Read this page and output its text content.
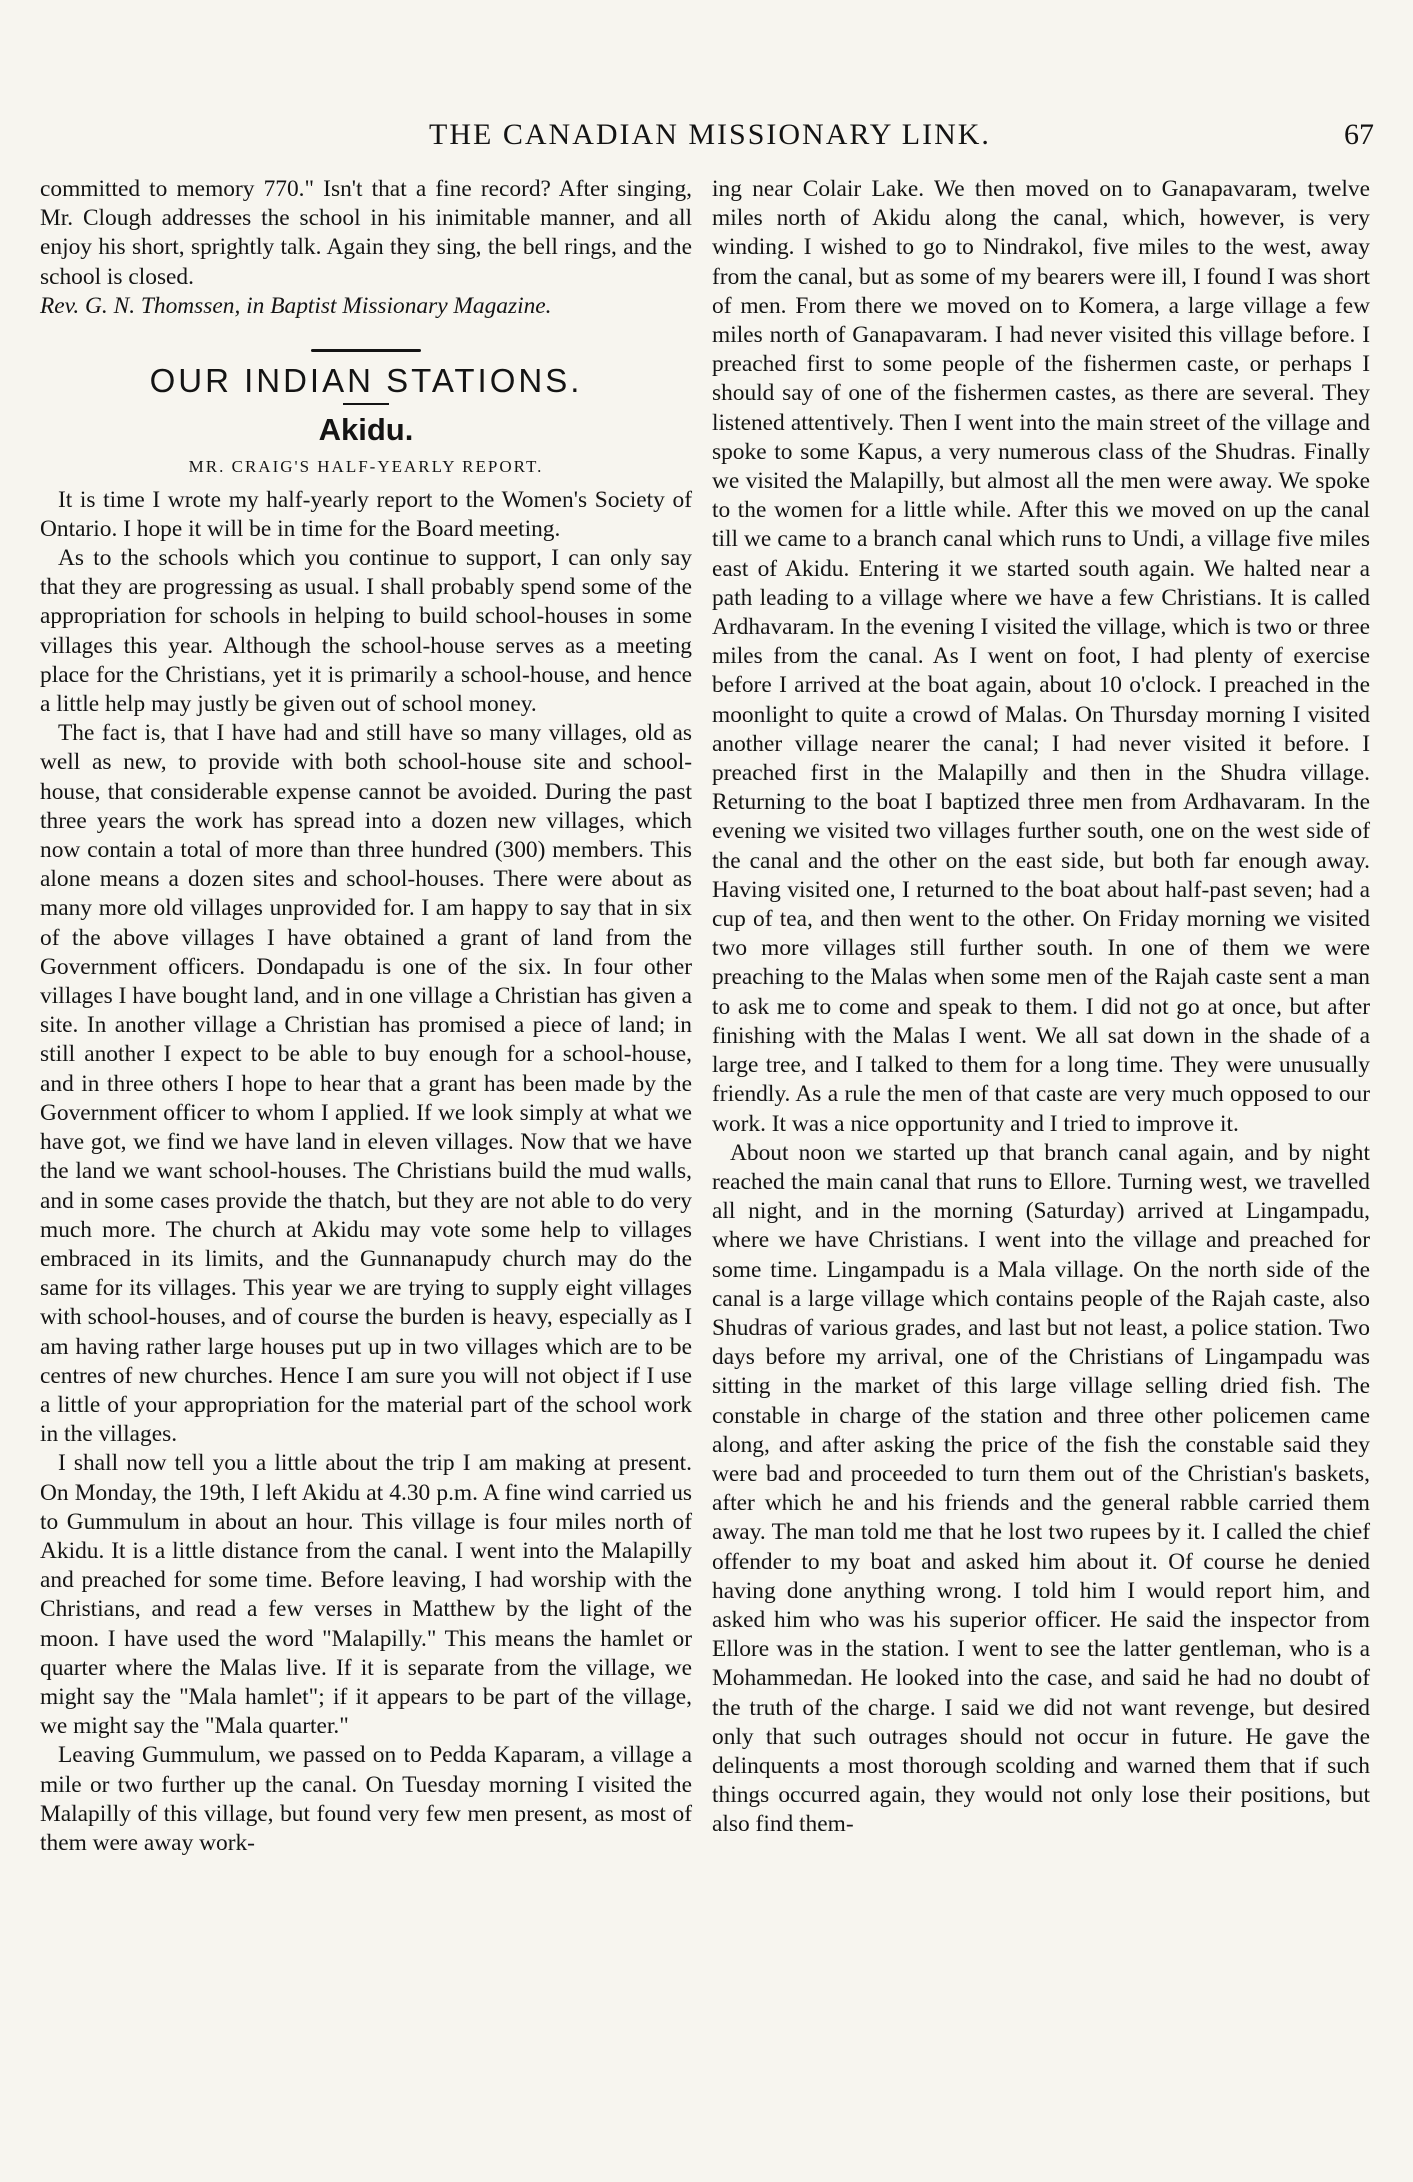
THE CANADIAN MISSIONARY LINK.	67

committed to memory 770." Isn't that a fine record? After singing, Mr. Clough addresses the school in his inimitable manner, and all enjoy his short, sprightly talk. Again they sing, the bell rings, and the school is closed.

Rev. G. N. Thomssen, in Baptist Missionary Magazine.

OUR INDIAN STATIONS.
Akidu.
MR. CRAIG'S HALF-YEARLY REPORT.

It is time I wrote my half-yearly report to the Women's Society of Ontario. I hope it will be in time for the Board meeting.

As to the schools which you continue to support, I can only say that they are progressing as usual. I shall probably spend some of the appropriation for schools in helping to build school-houses in some villages this year. Although the school-house serves as a meeting place for the Christians, yet it is primarily a school-house, and hence a little help may justly be given out of school money.

The fact is, that I have had and still have so many villages, old as well as new, to provide with both school-house site and school-house, that considerable expense cannot be avoided. During the past three years the work has spread into a dozen new villages, which now contain a total of more than three hundred (300) members. This alone means a dozen sites and school-houses. There were about as many more old villages unprovided for. I am happy to say that in six of the above villages I have obtained a grant of land from the Government officers. Dondapadu is one of the six. In four other villages I have bought land, and in one village a Christian has given a site. In another village a Christian has promised a piece of land; in still another I expect to be able to buy enough for a school-house, and in three others I hope to hear that a grant has been made by the Government officer to whom I applied. If we look simply at what we have got, we find we have land in eleven villages. Now that we have the land we want school-houses. The Christians build the mud walls, and in some cases provide the thatch, but they are not able to do very much more. The church at Akidu may vote some help to villages embraced in its limits, and the Gunnanapudy church may do the same for its villages. This year we are trying to supply eight villages with school-houses, and of course the burden is heavy, especially as I am having rather large houses put up in two villages which are to be centres of new churches. Hence I am sure you will not object if I use a little of your appropriation for the material part of the school work in the villages.

I shall now tell you a little about the trip I am making at present. On Monday, the 19th, I left Akidu at 4.30 p.m. A fine wind carried us to Gummulum in about an hour. This village is four miles north of Akidu. It is a little distance from the canal. I went into the Malapilly and preached for some time. Before leaving, I had worship with the Christians, and read a few verses in Matthew by the light of the moon. I have used the word "Malapilly." This means the hamlet or quarter where the Malas live. If it is separate from the village, we might say the "Mala hamlet"; if it appears to be part of the village, we might say the "Mala quarter."

Leaving Gummulum, we passed on to Pedda Kaparam, a village a mile or two further up the canal. On Tuesday morning I visited the Malapilly of this village, but found very few men present, as most of them were away work-

ing near Colair Lake. We then moved on to Ganapavaram, twelve miles north of Akidu along the canal, which, however, is very winding. I wished to go to Nindrakol, five miles to the west, away from the canal, but as some of my bearers were ill, I found I was short of men. From there we moved on to Komera, a large village a few miles north of Ganapavaram. I had never visited this village before. I preached first to some people of the fishermen caste, or perhaps I should say of one of the fishermen castes, as there are several. They listened attentively. Then I went into the main street of the village and spoke to some Kapus, a very numerous class of the Shudras. Finally we visited the Malapilly, but almost all the men were away. We spoke to the women for a little while. After this we moved on up the canal till we came to a branch canal which runs to Undi, a village five miles east of Akidu. Entering it we started south again. We halted near a path leading to a village where we have a few Christians. It is called Ardhavaram. In the evening I visited the village, which is two or three miles from the canal. As I went on foot, I had plenty of exercise before I arrived at the boat again, about 10 o'clock. I preached in the moonlight to quite a crowd of Malas. On Thursday morning I visited another village nearer the canal; I had never visited it before. I preached first in the Malapilly and then in the Shudra village. Returning to the boat I baptized three men from Ardhavaram. In the evening we visited two villages further south, one on the west side of the canal and the other on the east side, but both far enough away. Having visited one, I returned to the boat about half-past seven; had a cup of tea, and then went to the other. On Friday morning we visited two more villages still further south. In one of them we were preaching to the Malas when some men of the Rajah caste sent a man to ask me to come and speak to them. I did not go at once, but after finishing with the Malas I went. We all sat down in the shade of a large tree, and I talked to them for a long time. They were unusually friendly. As a rule the men of that caste are very much opposed to our work. It was a nice opportunity and I tried to improve it.

About noon we started up that branch canal again, and by night reached the main canal that runs to Ellore. Turning west, we travelled all night, and in the morning (Saturday) arrived at Lingampadu, where we have Christians. I went into the village and preached for some time. Lingampadu is a Mala village. On the north side of the canal is a large village which contains people of the Rajah caste, also Shudras of various grades, and last but not least, a police station. Two days before my arrival, one of the Christians of Lingampadu was sitting in the market of this large village selling dried fish. The constable in charge of the station and three other policemen came along, and after asking the price of the fish the constable said they were bad and proceeded to turn them out of the Christian's baskets, after which he and his friends and the general rabble carried them away. The man told me that he lost two rupees by it. I called the chief offender to my boat and asked him about it. Of course he denied having done anything wrong. I told him I would report him, and asked him who was his superior officer. He said the inspector from Ellore was in the station. I went to see the latter gentleman, who is a Mohammedan. He looked into the case, and said he had no doubt of the truth of the charge. I said we did not want revenge, but desired only that such outrages should not occur in future. He gave the delinquents a most thorough scolding and warned them that if such things occurred again, they would not only lose their positions, but also find them-
